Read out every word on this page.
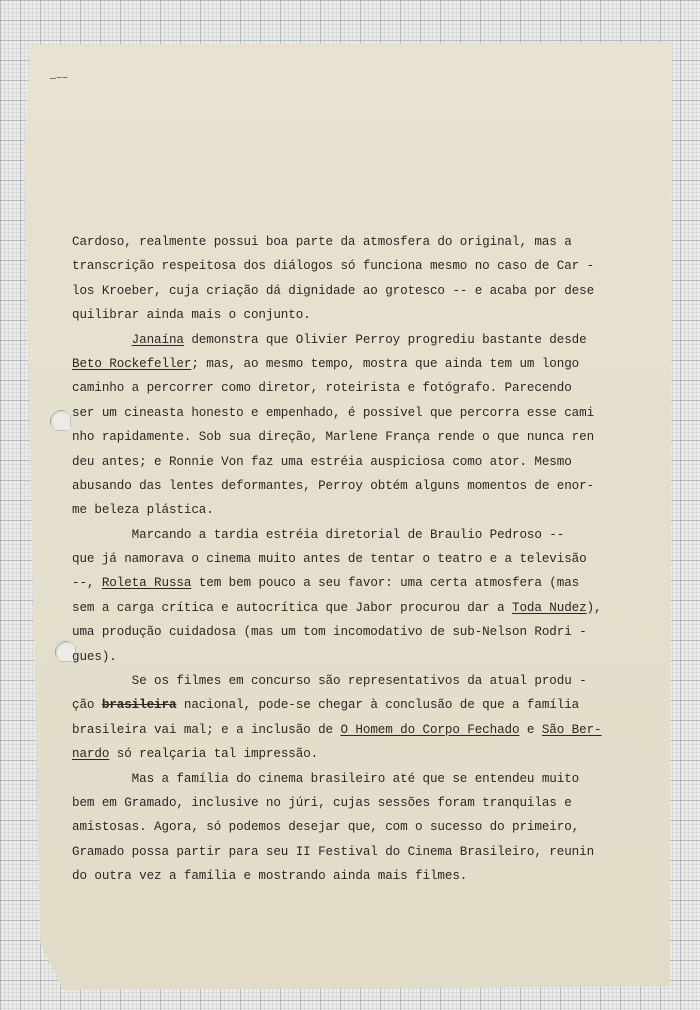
—~~
Cardoso, realmente possui boa parte da atmosfera do original, mas a
transcrição respeitosa dos diálogos só funciona mesmo no caso de Car -
los Kroeber, cuja criação dá dignidade ao grotesco -- e acaba por dese
quilibrar ainda mais o conjunto.
Janaína demonstra que Olivier Perroy progrediu bastante desde
Beto Rockefeller; mas, ao mesmo tempo, mostra que ainda tem um longo
caminho a percorrer como diretor, roteirista e fotógrafo. Parecendo
ser um cineasta honesto e empenhado, é possível que percorra esse cami
nho rapidamente. Sob sua direção, Marlene França rende o que nunca ren
deu antes; e Ronnie Von faz uma estréia auspiciosa como ator. Mesmo
abusando das lentes deformantes, Perroy obtém alguns momentos de enor-
me beleza plástica.
Marcando a tardia estréia diretorial de Braulio Pedroso --
que já namorava o cinema muito antes de tentar o teatro e a televisão
--, Roleta Russa tem bem pouco a seu favor: uma certa atmosfera (mas
sem a carga crítica e autocrítica que Jabor procurou dar a Toda Nudez),
uma produção cuidadosa (mas um tom incomodativo de sub-Nelson Rodri -
gues).
Se os filmes em concurso são representativos da atual produ -
ção brasileira nacional, pode-se chegar à conclusão de que a família
brasileira vai mal; e a inclusão de O Homem do Corpo Fechado e São Ber-
nardo só realçaria tal impressão.
Mas a família do cinema brasileiro até que se entendeu muito
bem em Gramado, inclusive no júri, cujas sessões foram tranquilas e
amistosas. Agora, só podemos desejar que, com o sucesso do primeiro,
Gramado possa partir para seu II Festival do Cinema Brasileiro, reunin
do outra vez a família e mostrando ainda mais filmes.
